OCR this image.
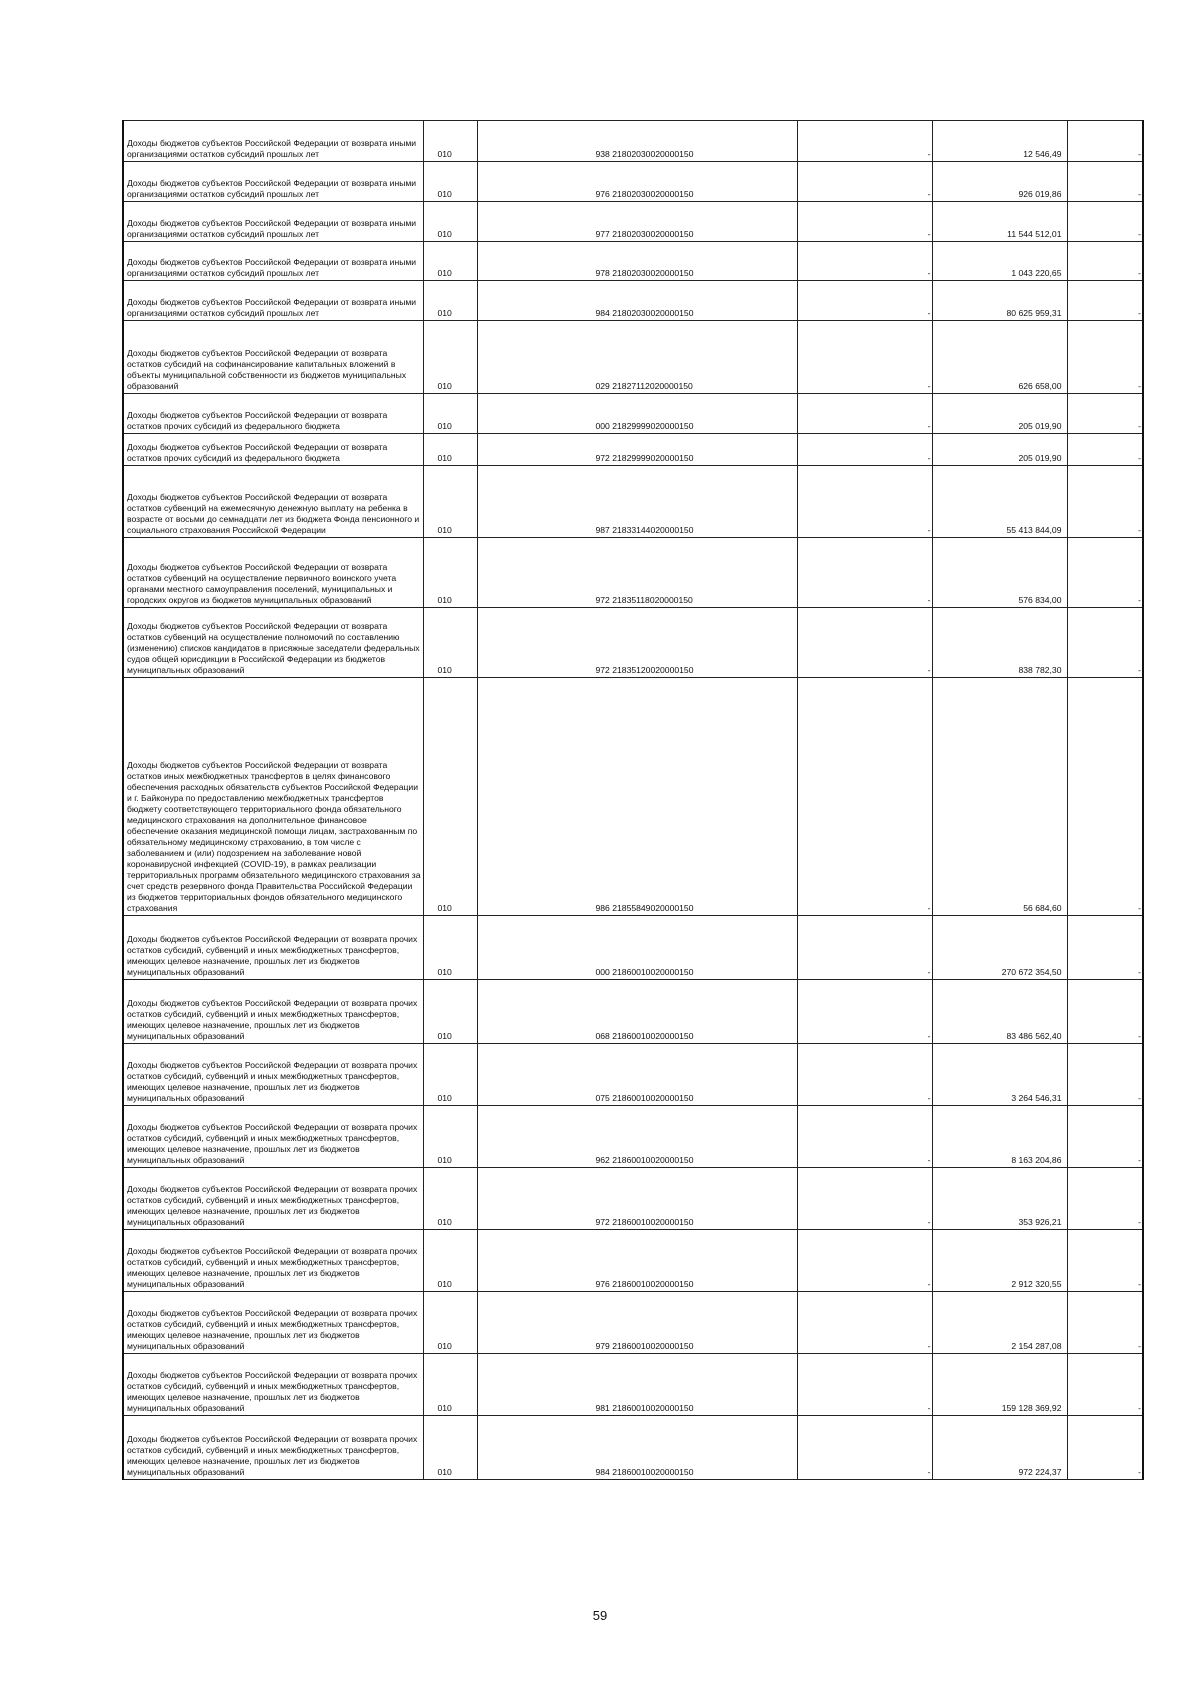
Доходы бюджетов субъектов Российской Федерации от возврата иными организациями остатков субсидий прошлых лет	010	938 21802030020000150	-	12 546,49	-
Доходы бюджетов субъектов Российской Федерации от возврата иными организациями остатков субсидий прошлых лет	010	976 21802030020000150	-	926 019,86	-
Доходы бюджетов субъектов Российской Федерации от возврата иными организациями остатков субсидий прошлых лет	010	977 21802030020000150	-	11 544 512,01	-
Доходы бюджетов субъектов Российской Федерации от возврата иными организациями остатков субсидий прошлых лет	010	978 21802030020000150	-	1 043 220,65	-
Доходы бюджетов субъектов Российской Федерации от возврата иными организациями остатков субсидий прошлых лет	010	984 21802030020000150	-	80 625 959,31	-
Доходы бюджетов субъектов Российской Федерации от возврата остатков субсидий на софинансирование капитальных вложений в объекты муниципальной собственности из бюджетов муниципальных образований	010	029 21827112020000150	-	626 658,00	-
Доходы бюджетов субъектов Российской Федерации от возврата остатков прочих субсидий из федерального бюджета	010	000 21829999020000150	-	205 019,90	-
Доходы бюджетов субъектов Российской Федерации от возврата остатков прочих субсидий из федерального бюджета	010	972 21829999020000150	-	205 019,90	-
Доходы бюджетов субъектов Российской Федерации от возврата остатков субвенций на ежемесячную денежную выплату на ребенка в возрасте от восьми до семнадцати лет из бюджета Фонда пенсионного и социального страхования Российской Федерации	010	987 21833144020000150	-	55 413 844,09	-
Доходы бюджетов субъектов Российской Федерации от возврата остатков субвенций на осуществление первичного воинского учета органами местного самоуправления поселений, муниципальных и городских округов из бюджетов муниципальных образований	010	972 21835118020000150	-	576 834,00	-
Доходы бюджетов субъектов Российской Федерации от возврата остатков субвенций на осуществление полномочий по составлению (изменению) списков кандидатов в присяжные заседатели федеральных судов общей юрисдикции в Российской Федерации из бюджетов муниципальных образований	010	972 21835120020000150	-	838 782,30	-
Доходы бюджетов субъектов Российской Федерации от возврата остатков иных межбюджетных трансфертов в целях финансового обеспечения расходных обязательств субъектов Российской Федерации и г. Байконура по предоставлению межбюджетных трансфертов бюджету соответствующего территориального фонда обязательного медицинского страхования на дополнительное финансовое обеспечение оказания медицинской помощи лицам, застрахованным по обязательному медицинскому страхованию, в том числе с заболеванием и (или) подозрением на заболевание новой коронавирусной инфекцией (COVID-19), в рамках реализации территориальных программ обязательного медицинского страхования за счет средств резервного фонда Правительства Российской Федерации из бюджетов территориальных фондов обязательного медицинского страхования	010	986 21855849020000150	-	56 684,60	-
Доходы бюджетов субъектов Российской Федерации от возврата прочих остатков субсидий, субвенций и иных межбюджетных трансфертов, имеющих целевое назначение, прошлых лет из бюджетов муниципальных образований	010	000 21860010020000150	-	270 672 354,50	-
Доходы бюджетов субъектов Российской Федерации от возврата прочих остатков субсидий, субвенций и иных межбюджетных трансфертов, имеющих целевое назначение, прошлых лет из бюджетов муниципальных образований	010	068 21860010020000150	-	83 486 562,40	-
Доходы бюджетов субъектов Российской Федерации от возврата прочих остатков субсидий, субвенций и иных межбюджетных трансфертов, имеющих целевое назначение, прошлых лет из бюджетов муниципальных образований	010	075 21860010020000150	-	3 264 546,31	-
Доходы бюджетов субъектов Российской Федерации от возврата прочих остатков субсидий, субвенций и иных межбюджетных трансфертов, имеющих целевое назначение, прошлых лет из бюджетов муниципальных образований	010	962 21860010020000150	-	8 163 204,86	-
Доходы бюджетов субъектов Российской Федерации от возврата прочих остатков субсидий, субвенций и иных межбюджетных трансфертов, имеющих целевое назначение, прошлых лет из бюджетов муниципальных образований	010	972 21860010020000150	-	353 926,21	-
Доходы бюджетов субъектов Российской Федерации от возврата прочих остатков субсидий, субвенций и иных межбюджетных трансфертов, имеющих целевое назначение, прошлых лет из бюджетов муниципальных образований	010	976 21860010020000150	-	2 912 320,55	-
Доходы бюджетов субъектов Российской Федерации от возврата прочих остатков субсидий, субвенций и иных межбюджетных трансфертов, имеющих целевое назначение, прошлых лет из бюджетов муниципальных образований	010	979 21860010020000150	-	2 154 287,08	-
Доходы бюджетов субъектов Российской Федерации от возврата прочих остатков субсидий, субвенций и иных межбюджетных трансфертов, имеющих целевое назначение, прошлых лет из бюджетов муниципальных образований	010	981 21860010020000150	-	159 128 369,92	-
Доходы бюджетов субъектов Российской Федерации от возврата прочих остатков субсидий, субвенций и иных межбюджетных трансфертов, имеющих целевое назначение, прошлых лет из бюджетов муниципальных образований	010	984 21860010020000150	-	972 224,37	-
59
